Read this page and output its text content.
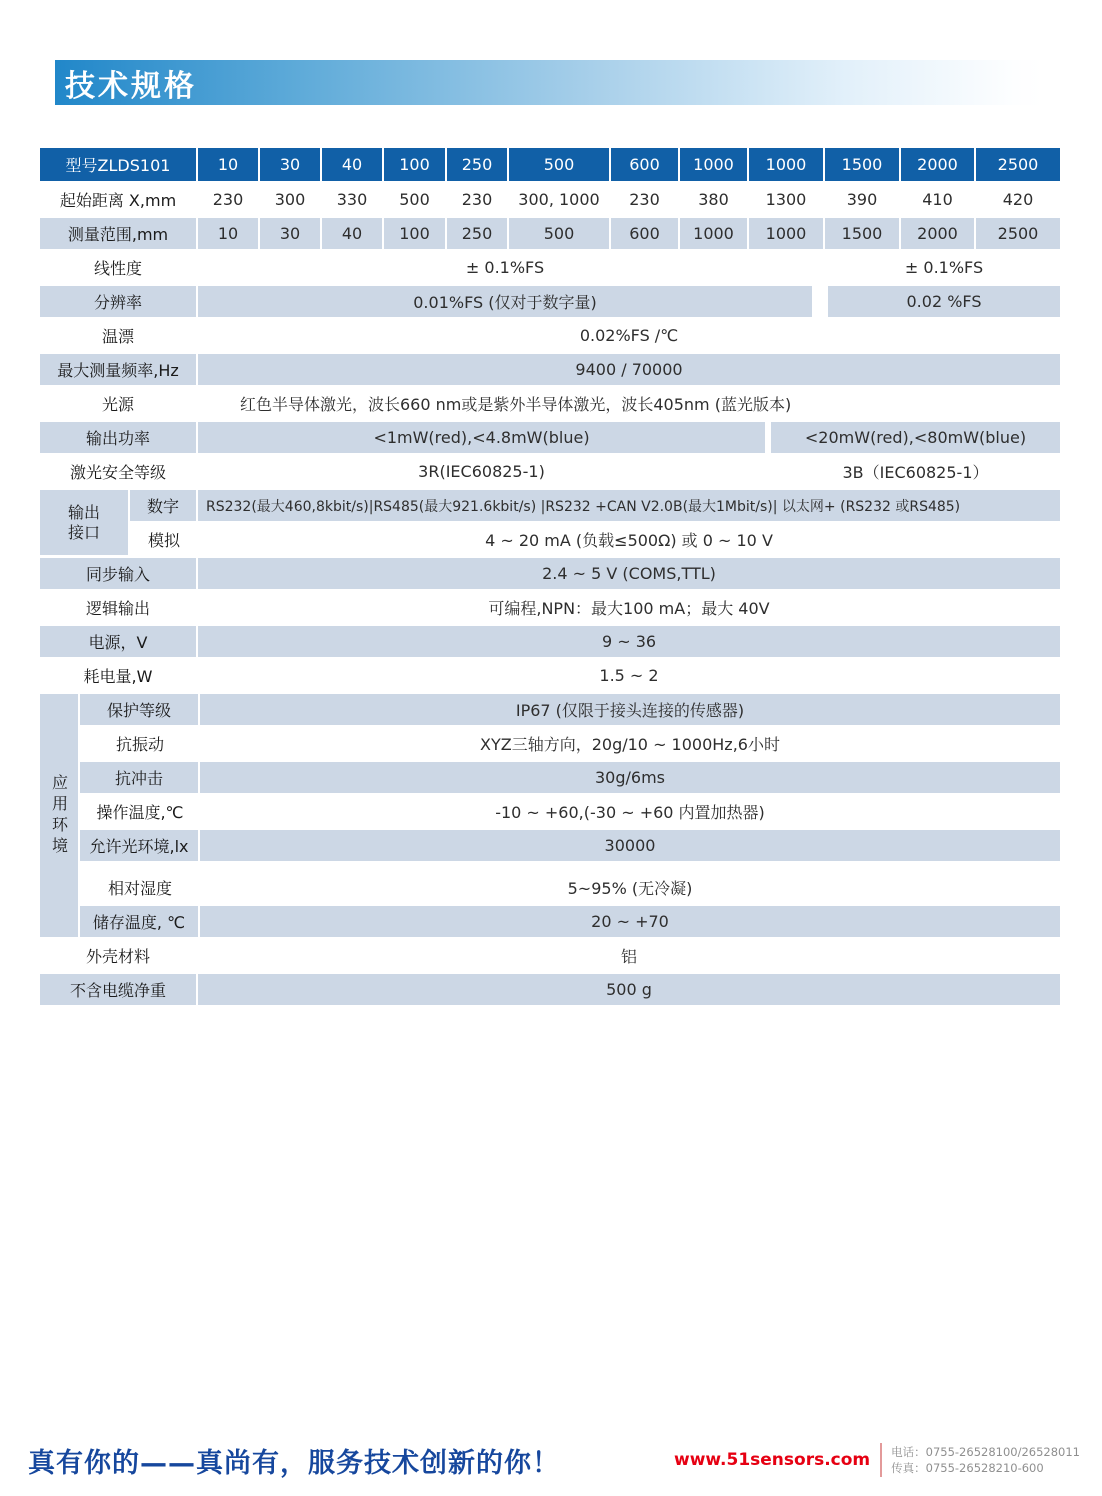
技术规格
型号ZLDS101	10	30	40	100	250	500	600	1000	1000	1500	2000	2500
起始距离 X,mm	230	300	330	500	230	300, 1000	230	380	1300	390	410	420
测量范围,mm	10	30	40	100	250	500	600	1000	1000	1500	2000	2500
线性度	± 0.1%FS	± 0.1%FS
分辨率	0.01%FS (仅对于数字量)	0.02 %FS
温漂	0.02%FS /℃
最大测量频率,Hz	9400 / 70000
光源	红色半导体激光，波长660 nm或是紫外半导体激光，波长405nm (蓝光版本)
输出功率	<1mW(red),<4.8mW(blue)	<20mW(red),<80mW(blue)
激光安全等级	3R(IEC60825-1)	3B（IEC60825-1）
输出接口
数字	RS232(最大460,8kbit/s)|RS485(最大921.6kbit/s) |RS232 +CAN V2.0B(最大1Mbit/s)| 以太网+ (RS232 或RS485)
模拟	4 ~ 20 mA (负载≤500Ω) 或 0 ~ 10 V
同步输入	2.4 ~ 5 V (COMS,TTL)
逻辑输出	可编程,NPN：最大100 mA；最大 40V
电源，V	9 ~ 36
耗电量,W	1.5 ~ 2
应用环境
保护等级	IP67 (仅限于接头连接的传感器)
抗振动	XYZ三轴方向，20g/10 ~ 1000Hz,6小时
抗冲击	30g/6ms
操作温度,℃	-10 ~ +60,(-30 ~ +60 内置加热器)
允许光环境,lx	30000
相对湿度	5~95% (无冷凝)
储存温度, ℃	20 ~ +70
外壳材料	铝
不含电缆净重	500 g
真有你的——真尚有，服务技术创新的你！	www.51sensors.com 电话：0755-26528100/26528011
传真：0755-26528210-600
